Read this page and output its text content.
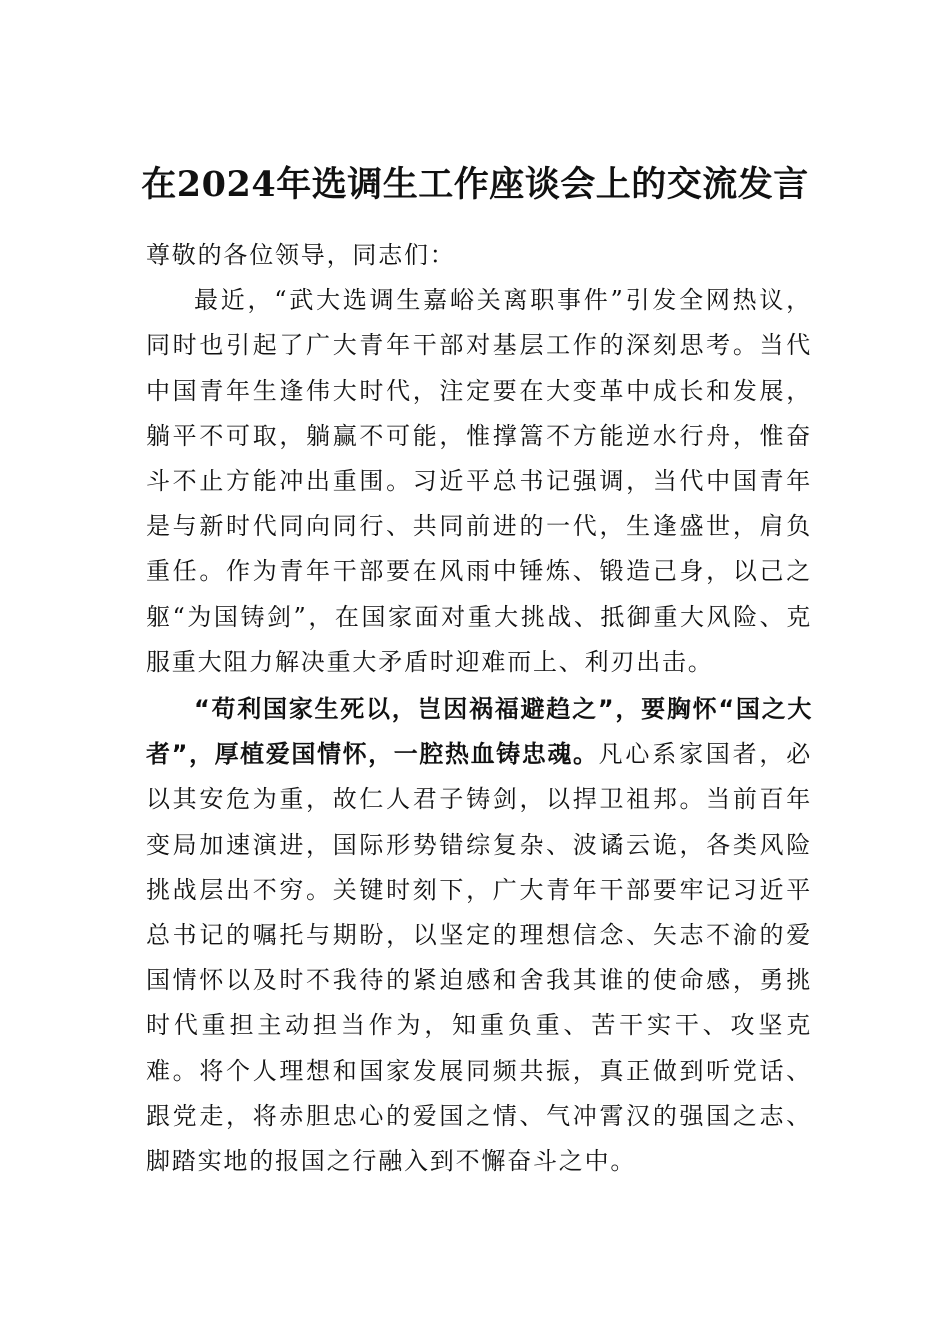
在2024年选调生工作座谈会上的交流发言

尊敬的各位领导，同志们：

最近，“武大选调生嘉峪关离职事件”引发全网热议，同时也引起了广大青年干部对基层工作的深刻思考。当代中国青年生逢伟大时代，注定要在大变革中成长和发展，躺平不可取，躺赢不可能，惟撑篙不方能逆水行舟，惟奋斗不止方能冲出重围。习近平总书记强调，当代中国青年是与新时代同向同行、共同前进的一代，生逢盛世，肩负重任。作为青年干部要在风雨中锤炼、锻造己身，以己之躯“为国铸剑”，在国家面对重大挑战、抵御重大风险、克服重大阻力解决重大矛盾时迎难而上、利刃出击。

“苟利国家生死以，岂因祸福避趋之”，要胸怀“国之大者”，厚植爱国情怀，一腔热血铸忠魂。凡心系家国者，必以其安危为重，故仁人君子铸剑，以捍卫祖邦。当前百年变局加速演进，国际形势错综复杂、波谲云诡，各类风险挑战层出不穷。关键时刻下，广大青年干部要牢记习近平总书记的嘱托与期盼，以坚定的理想信念、矢志不渝的爱国情怀以及时不我待的紧迫感和舍我其谁的使命感，勇挑时代重担主动担当作为，知重负重、苦干实干、攻坚克难。将个人理想和国家发展同频共振，真正做到听党话、跟党走，将赤胆忠心的爱国之情、气冲霄汉的强国之志、脚踏实地的报国之行融入到不懈奋斗之中。
